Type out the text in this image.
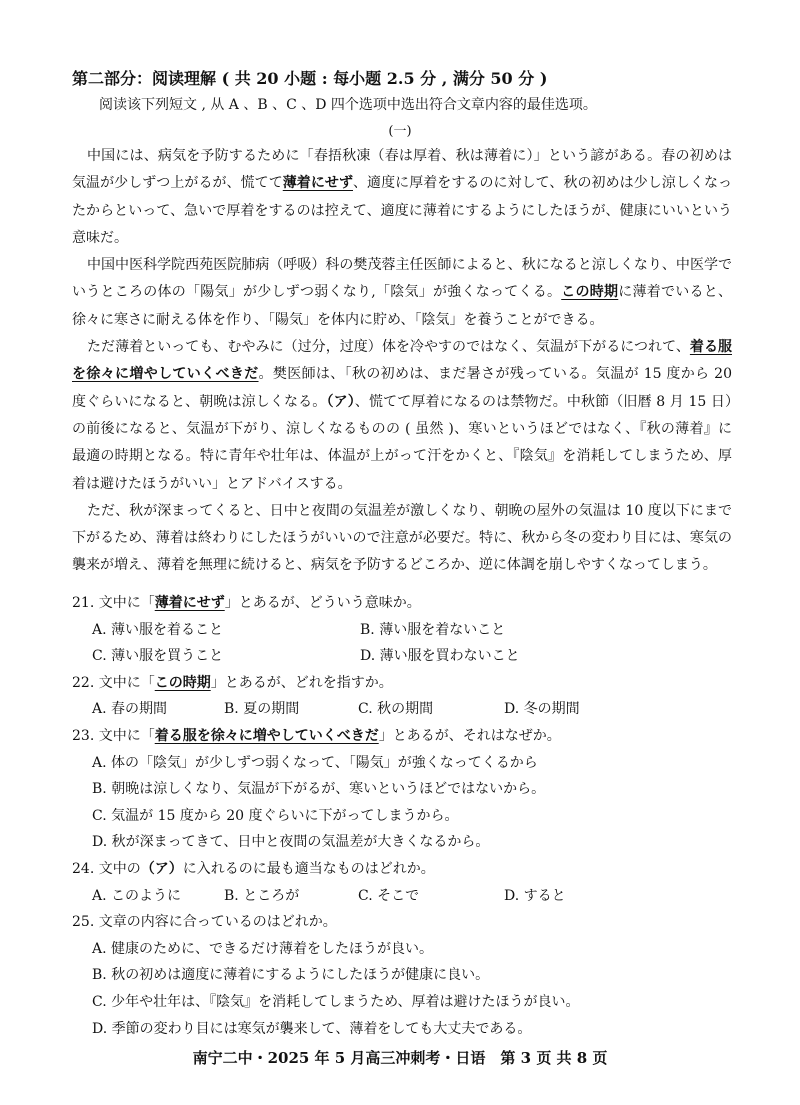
第二部分：阅读理解 ( 共 20 小题 : 每小题 2.5 分 , 满分 50 分 )
阅读该下列短文 , 从 A 、B 、C 、D 四个选项中选出符合文章内容的最佳选项。
(一)

中国には、病気を予防するために「春捂秋凍（春は厚着、秋は薄着に）」という諺がある。春の初めは気温が少しずつ上がるが、慌てて薄着にせず、適度に厚着をするのに対して、秋の初めは少し涼しくなったからといって、急いで厚着をするのは控えて、適度に薄着にするようにしたほうが、健康にいいという意味だ。

中国中医科学院西苑医院肺病（呼吸）科の樊茂蓉主任医師によると、秋になると涼しくなり、中医学でいうところの体の「陽気」が少しずつ弱くなり,「陰気」が強くなってくる。この時期に薄着でいると、徐々に寒さに耐える体を作り、「陽気」を体内に貯め、「陰気」を養うことができる。

ただ薄着といっても、むやみに（过分，过度）体を冷やすのではなく、気温が下がるにつれて、着る服を徐々に増やしていくべきだ。樊医師は、「秋の初めは、まだ暑さが残っている。気温が 15 度から 20 度ぐらいになると、朝晩は涼しくなる。（ア）、慌てて厚着になるのは禁物だ。中秋節（旧暦 8 月 15 日）の前後になると、気温が下がり、涼しくなるものの ( 虽然 )、寒いというほどではなく、『秋の薄着』に最適の時期となる。特に青年や壮年は、体温が上がって汗をかくと、『陰気』を消耗してしまうため、厚着は避けたほうがいい」とアドバイスする。

ただ、秋が深まってくると、日中と夜間の気温差が激しくなり、朝晩の屋外の気温は 10 度以下にまで下がるため、薄着は終わりにしたほうがいいので注意が必要だ。特に、秋から冬の変わり目には、寒気の襲来が増え、薄着を無理に続けると、病気を予防するどころか、逆に体調を崩しやすくなってしまう。

21. 文中に「薄着にせず」とあるが、どういう意味か。
A. 薄い服を着ること	B. 薄い服を着ないこと
C. 薄い服を買うこと	D. 薄い服を買わないこと
22. 文中に「この時期」とあるが、どれを指すか。
A. 春の期間	B. 夏の期間	C. 秋の期間	D. 冬の期間
23. 文中に「着る服を徐々に増やしていくべきだ」とあるが、それはなぜか。
A. 体の「陰気」が少しずつ弱くなって、「陽気」が強くなってくるから
B. 朝晩は涼しくなり、気温が下がるが、寒いというほどではないから。
C. 気温が 15 度から 20 度ぐらいに下がってしまうから。
D. 秋が深まってきて、日中と夜間の気温差が大きくなるから。
24. 文中の（ア）に入れるのに最も適当なものはどれか。
A. このように	B. ところが	C. そこで	D. すると
25. 文章の内容に合っているのはどれか。
A. 健康のために、できるだけ薄着をしたほうが良い。
B. 秋の初めは適度に薄着にするようにしたほうが健康に良い。
C. 少年や壮年は、『陰気』を消耗してしまうため、厚着は避けたほうが良い。
D. 季節の変わり目には寒気が襲来して、薄着をしても大丈夫である。
南宁二中・2025 年 5 月高三冲刺考・日语　第 3 页 共 8 页
